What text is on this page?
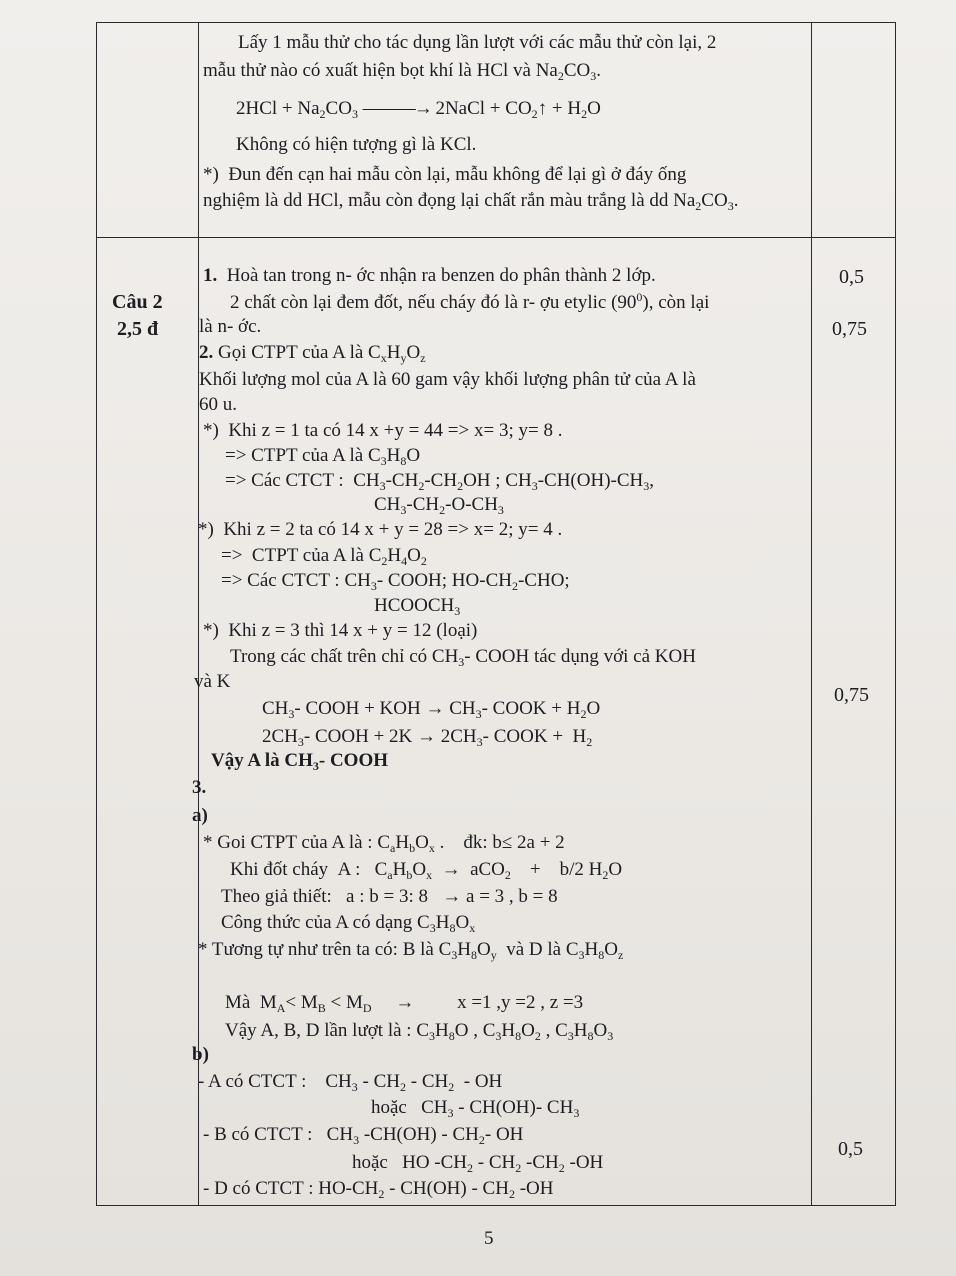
Lấy 1 mẫu thử cho tác dụng lần lượt với các mẫu thử còn lại, 2
mẫu thử nào có xuất hiện bọt khí là HCl và $Na_2CO_3$.
$2HCl + Na_2CO_3$ ———→ 2NaCl + $CO_2↑ + H_2O$
Không có hiện tượng gì là KCl.
*)  Đun đến cạn hai mẫu còn lại, mẫu không để lại gì ở đáy ống
nghiệm là dd HCl, mẫu còn đọng lại chất rắn màu trắng là dd $Na_2CO_3$.
Câu 2
2,5 đ
0,5
0,75
0,75
0,5
1.  Hoà tan trong n- ớc nhận ra benzen do phân thành 2 lớp.
2 chất còn lại đem đốt, nếu cháy đó là r- ợu etylic $(90^0)$, còn lại
là n- ớc.
2. Gọi CTPT của A là $C_xH_yO_z$
Khối lượng mol của A là 60 gam vậy khối lượng phân tử của A là
60 u.
*)  Khi z = 1 ta có 14 x +y = 44 => x= 3; y= 8 .
=> CTPT của A là $C_3H_8O$
=> Các CTCT :  $CH_3-CH_2-CH_2OH$ ; $CH_3-CH(OH)-CH_3$,
$CH_3-CH_2-O-CH_3$
*)  Khi z = 2 ta có 14 x + y = 28 => x= 2; y= 4 .
=>  CTPT của A là $C_2H_4O_2$
=> Các CTCT : $CH_3-$ COOH; $HO-CH_2$-CHO;
$HCOOCH_3$
*)  Khi z = 3 thì 14 x + y = 12 (loại)
Trong các chất trên chỉ có $CH_3-$ COOH tác dụng với cả KOH
và K
$CH_3-$ COOH + KOH → $CH_3-$ COOK + $H_2O$
$2CH_3-$ COOH + $2K \to 2CH_3-$ COOK +  $H_2$
Vậy A là $CH_3-$ COOH
3.
a)
* Goi CTPT của A là : $C_aH_bO_x$ .    đk: b≤ 2a + 2
Khi đốt cháy  A :   $C_aH_bO_x \to aCO_2$    +    b/2 $H_2O$
Theo giả thiết:   a : b = 3: 8   → a = 3 , b = 8
Công thức của A có dạng $C_3H_8O_x$
* Tương tự như trên ta có: B là $C_3H_8O_y$  và D là $C_3H_8O_z$
Mà  $M_A< M_B < M_D$     →         x =1 ,y =2 , z =3
Vậy A, B, D lần lượt là : $C_3H_8O$ , $C_3H_8O_2$ , $C_3H_8O_3$
b)
- A có CTCT :    $CH_3 - CH_2 - CH_2$  - OH
hoặc   $CH_3 - CH(OH)-$ $CH_3$
- B có CTCT :   $CH_3$ $-CH(OH) - CH_2-$ OH
hoặc   HO $-CH_2 - CH_2$ $-CH_2$ -OH
- D có CTCT : $HO-CH_2 - CH(OH) - CH_2$ -OH
5
